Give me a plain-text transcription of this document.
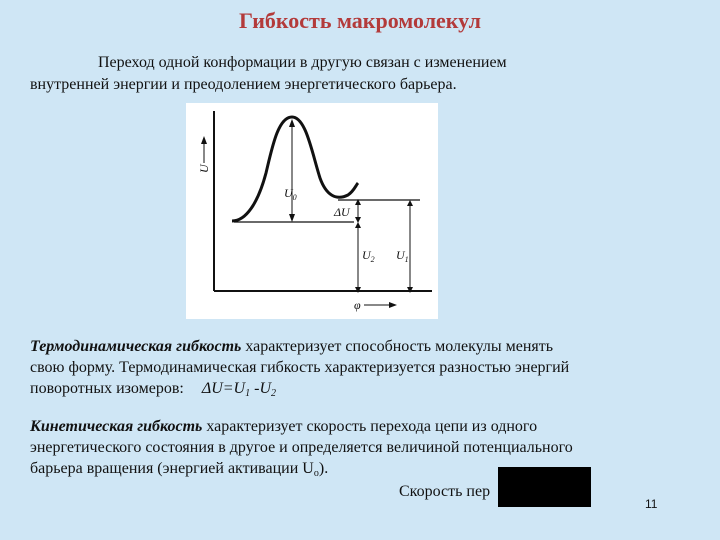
Гибкость макромолекул
Переход одной конформации в другую связан с изменением
внутренней энергии и преодолением энергетического барьера.
U
$U_0$
ΔU
$U_2$ $U_1$
φ
Термодинамическая гибкость характеризует способность молекулы менять
свою форму. Термодинамическая гибкость характеризуется разностью энергий
поворотных изомеров: $\Delta U=U_1$ $-U_2$
Кинетическая гибкость характеризует скорость перехода цепи из одного
энергетического состояния в другое и определяется величиной потенциального
барьера вращения (энергией активации $U_о$).
Скорость пер
11
